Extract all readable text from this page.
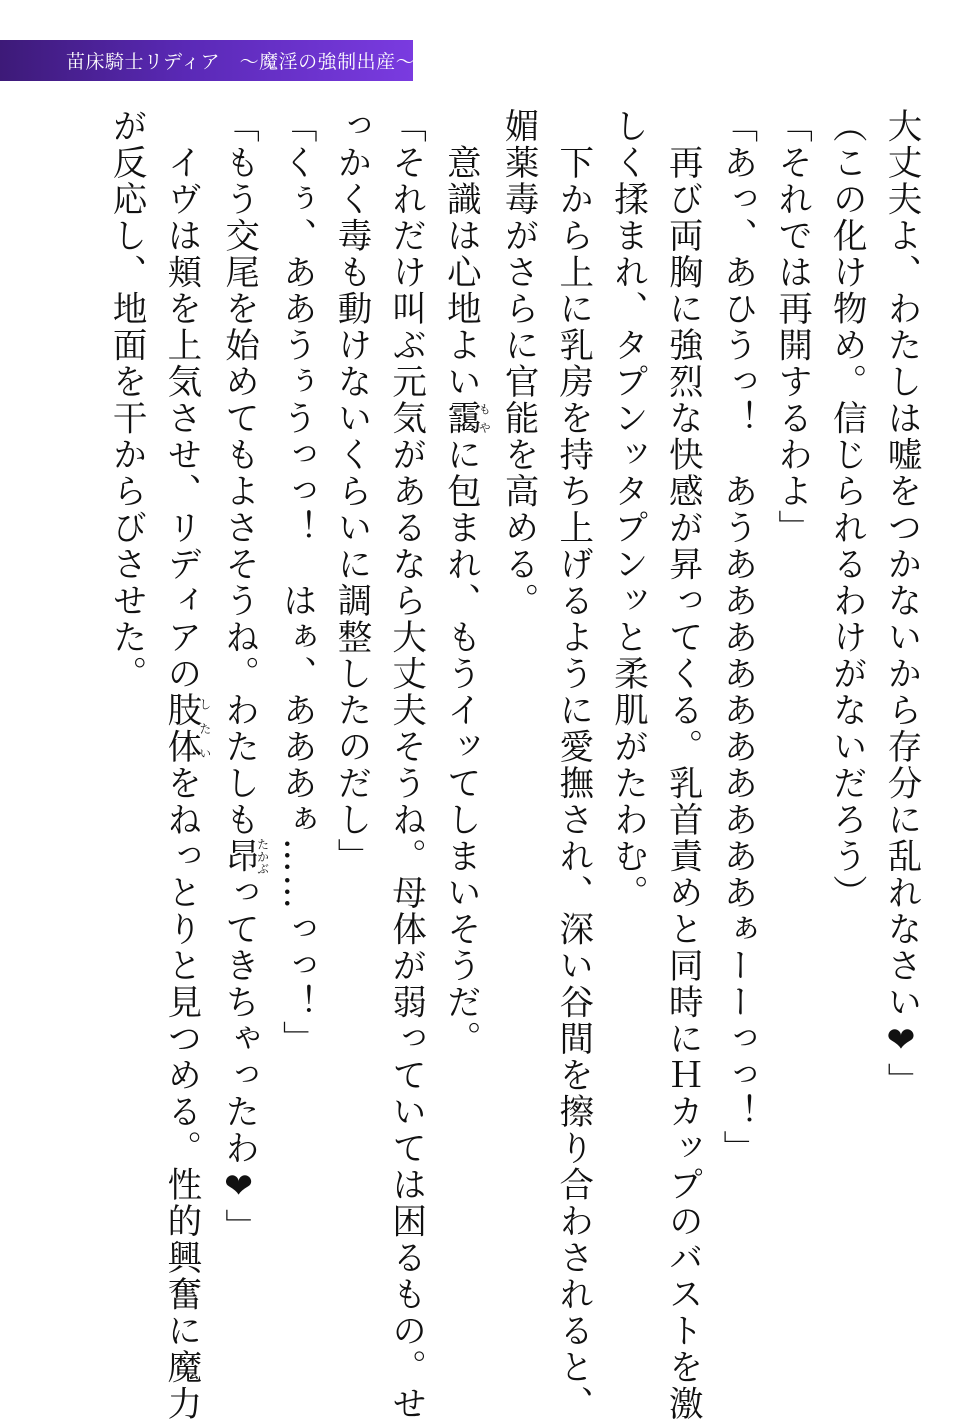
苗床騎士リディア　～魔淫の強制出産～
大丈夫よ、わたしは嘘をつかないから存分に乱れなさい❤」
（この化け物め。信じられるわけがないだろう）
「それでは再開するわよ」
「あっ、あひうっ！　あうああああああああああぁーーっっ！」
　再び両胸に強烈な快感が昇ってくる。乳首責めと同時にＨカップのバストを激
しく揉まれ、タプンッタプンッと柔肌がたわむ。
　下から上に乳房を持ち上げるように愛撫され、深い谷間を擦り合わされると、
媚薬毒がさらに官能を高める。
　意識は心地よい靄もやに包まれ、もうイッてしまいそうだ。
「それだけ叫ぶ元気があるなら大丈夫そうね。母体が弱っていては困るもの。せ
っかく毒も動けないくらいに調整したのだし」
「くぅ、ああうぅうっっ！　はぁ、あああぁ……っっ！」
「もう交尾を始めてもよさそうね。わたしも昂たかぶってきちゃったわ❤」
　イヴは頬を上気させ、リディアの肢体したいをねっとりと見つめる。性的興奮に魔力
が反応し、地面を干からびさせた。
